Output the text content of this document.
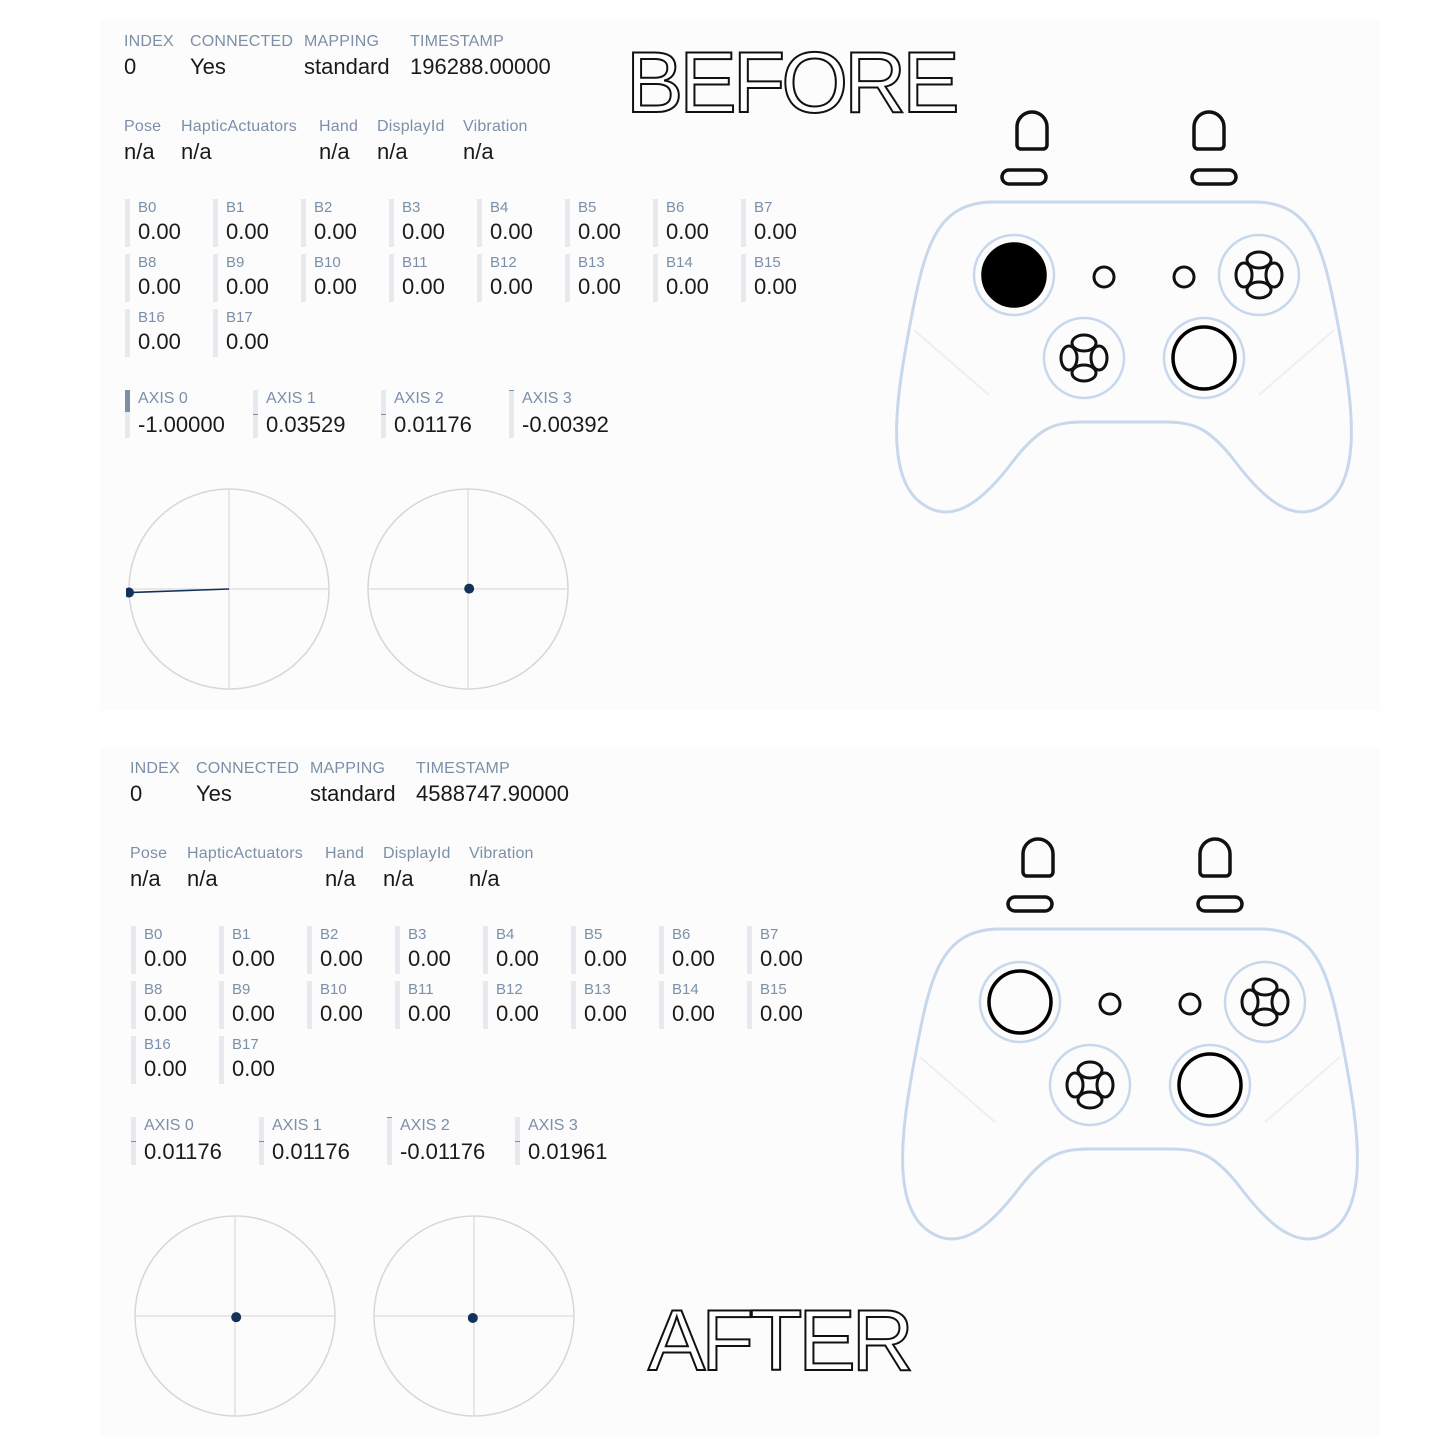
INDEX
0
CONNECTED
Yes
MAPPING
standard
TIMESTAMP
196288.00000
Pose
n/a
HapticActuators
n/a
Hand
n/a
DisplayId
n/a
Vibration
n/a
B0
0.00
B1
0.00
B2
0.00
B3
0.00
B4
0.00
B5
0.00
B6
0.00
B7
0.00
B8
0.00
B9
0.00
B10
0.00
B11
0.00
B12
0.00
B13
0.00
B14
0.00
B15
0.00
B16
0.00
B17
0.00
AXIS 0
-1.00000
AXIS 1
0.03529
AXIS 2
0.01176
AXIS 3
-0.00392
BEFORE
INDEX
0
CONNECTED
Yes
MAPPING
standard
TIMESTAMP
4588747.90000
Pose
n/a
HapticActuators
n/a
Hand
n/a
DisplayId
n/a
Vibration
n/a
B0
0.00
B1
0.00
B2
0.00
B3
0.00
B4
0.00
B5
0.00
B6
0.00
B7
0.00
B8
0.00
B9
0.00
B10
0.00
B11
0.00
B12
0.00
B13
0.00
B14
0.00
B15
0.00
B16
0.00
B17
0.00
AXIS 0
0.01176
AXIS 1
0.01176
AXIS 2
-0.01176
AXIS 3
0.01961
AFTER
